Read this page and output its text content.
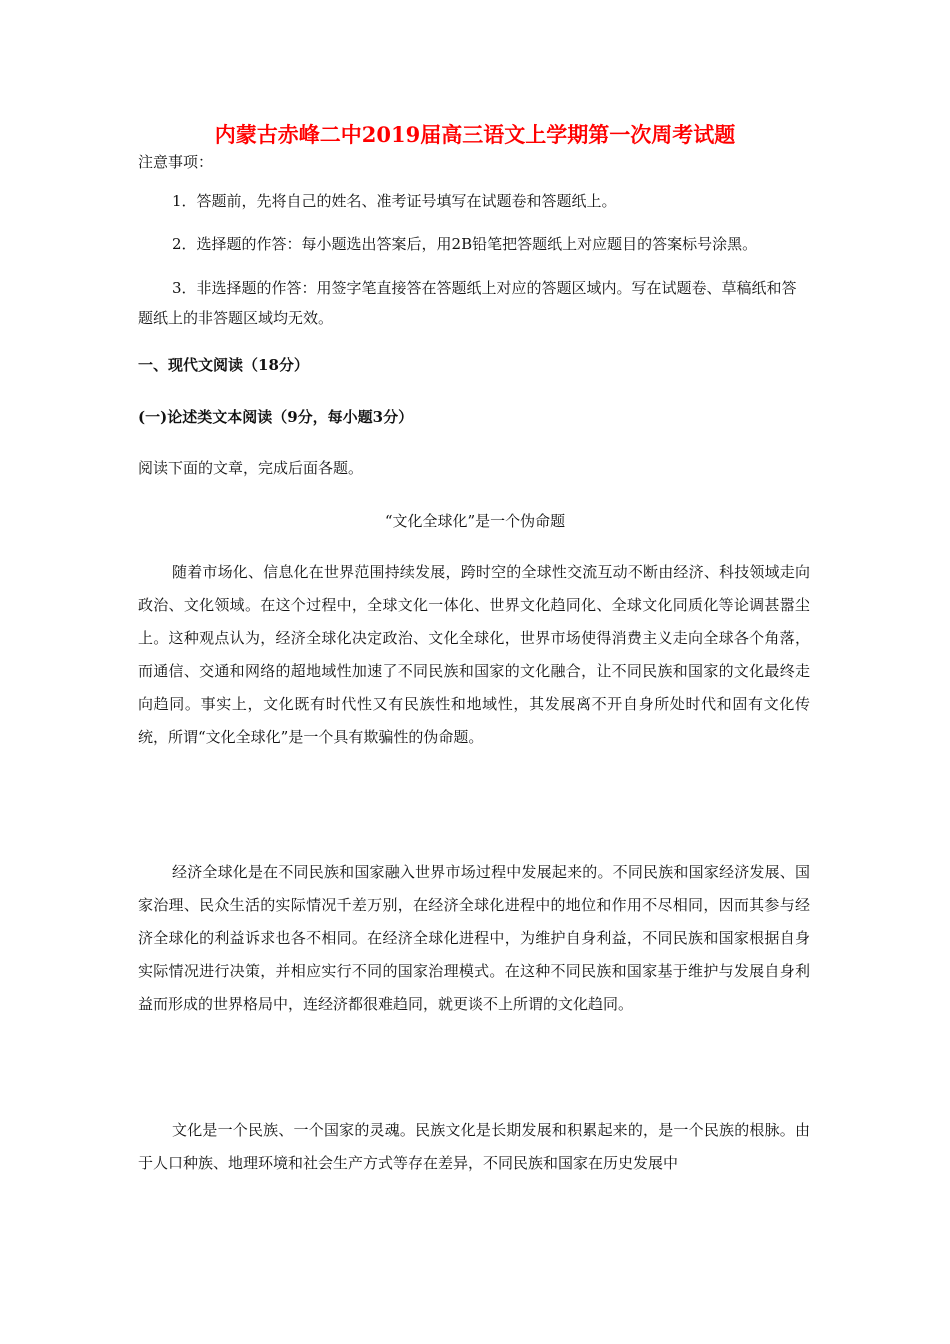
内蒙古赤峰二中2019届高三语文上学期第一次周考试题
注意事项：
1．答题前，先将自己的姓名、准考证号填写在试题卷和答题纸上。
2．选择题的作答：每小题选出答案后，用2B铅笔把答题纸上对应题目的答案标号涂黑。
3．非选择题的作答：用签字笔直接答在答题纸上对应的答题区域内。写在试题卷、草稿纸和答题纸上的非答题区域均无效。
一、现代文阅读（18分）
(一)论述类文本阅读（9分，每小题3分）
阅读下面的文章，完成后面各题。
“文化全球化”是一个伪命题
随着市场化、信息化在世界范围持续发展，跨时空的全球性交流互动不断由经济、科技领域走向政治、文化领域。在这个过程中，全球文化一体化、世界文化趋同化、全球文化同质化等论调甚嚣尘上。这种观点认为，经济全球化决定政治、文化全球化，世界市场使得消费主义走向全球各个角落，而通信、交通和网络的超地域性加速了不同民族和国家的文化融合，让不同民族和国家的文化最终走向趋同。事实上，文化既有时代性又有民族性和地域性，其发展离不开自身所处时代和固有文化传统，所谓“文化全球化”是一个具有欺骗性的伪命题。
经济全球化是在不同民族和国家融入世界市场过程中发展起来的。不同民族和国家经济发展、国家治理、民众生活的实际情况千差万别，在经济全球化进程中的地位和作用不尽相同，因而其参与经济全球化的利益诉求也各不相同。在经济全球化进程中，为维护自身利益，不同民族和国家根据自身实际情况进行决策，并相应实行不同的国家治理模式。在这种不同民族和国家基于维护与发展自身利益而形成的世界格局中，连经济都很难趋同，就更谈不上所谓的文化趋同。
文化是一个民族、一个国家的灵魂。民族文化是长期发展和积累起来的，是一个民族的根脉。由于人口种族、地理环境和社会生产方式等存在差异，不同民族和国家在历史发展中
